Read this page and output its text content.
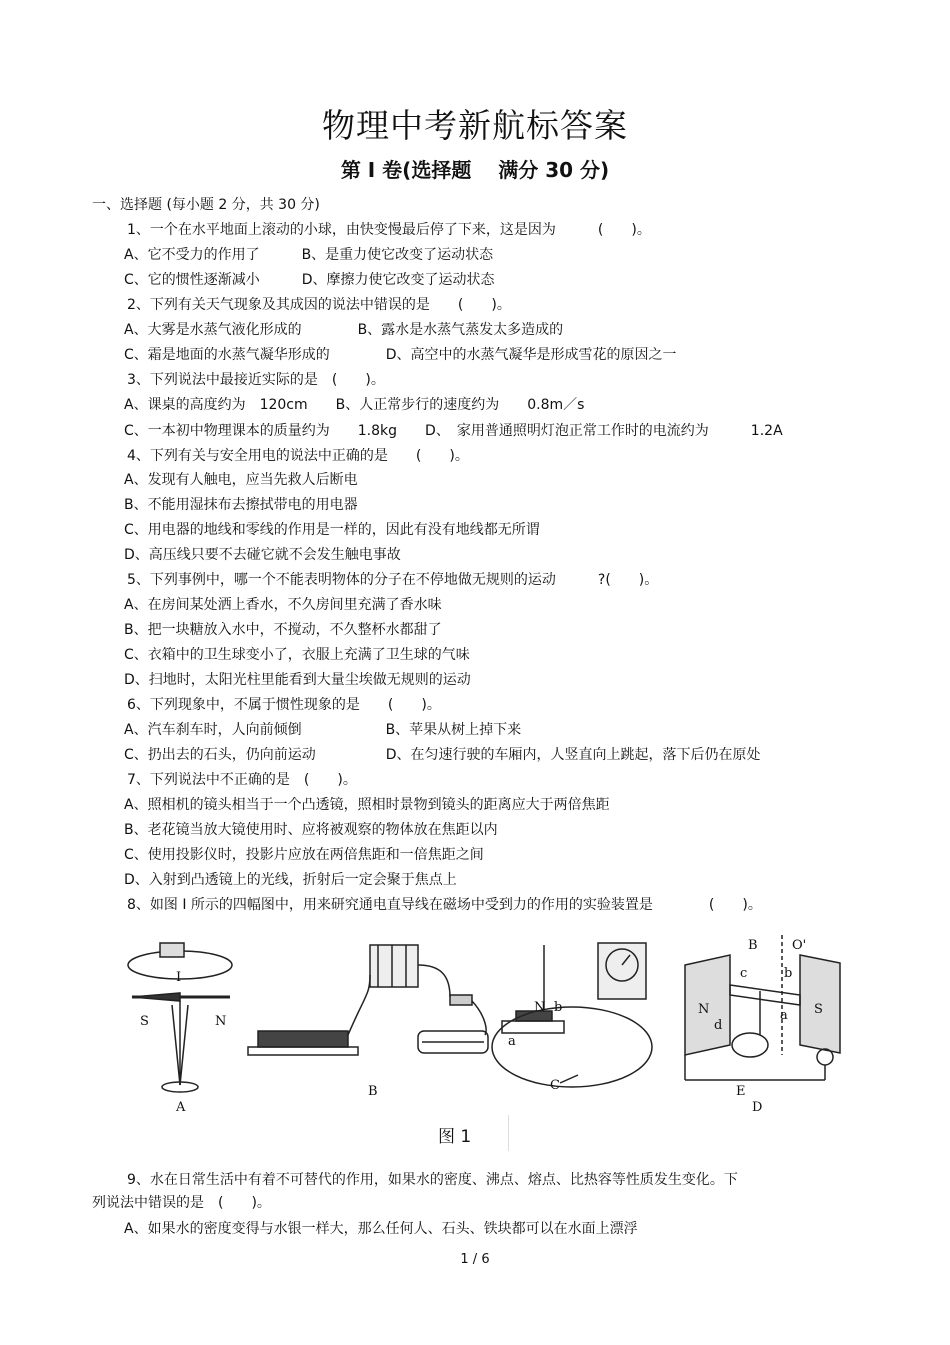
物理中考新航标答案
第 I 卷(选择题　 满分 30 分)
一、选择题 (每小题 2 分，共 30 分)
1、一个在水平地面上滚动的小球，由快变慢最后停了下来，这是因为　　　(　　)。
A、它不受力的作用了　　　B、是重力使它改变了运动状态
C、它的惯性逐渐减小　　　D、摩擦力使它改变了运动状态
2、下列有关天气现象及其成因的说法中错误的是　　(　　)。
A、大雾是水蒸气液化形成的　　　　B、露水是水蒸气蒸发太多造成的
C、霜是地面的水蒸气凝华形成的　　　　D、高空中的水蒸气凝华是形成雪花的原因之一
3、下列说法中最接近实际的是　(　　)。
A、课桌的高度约为　120cm　　B、人正常步行的速度约为　　0.8m／s
C、一本初中物理课本的质量约为　　1.8kg　　D、　家用普通照明灯泡正常工作时的电流约为　　　1.2A
4、下列有关与安全用电的说法中正确的是　　(　　)。
A、发现有人触电，应当先救人后断电
B、不能用湿抹布去擦拭带电的用电器
C、用电器的地线和零线的作用是一样的，因此有没有地线都无所谓
D、高压线只要不去碰它就不会发生触电事故
5、下列事例中，哪一个不能表明物体的分子在不停地做无规则的运动　　　?(　　)。
A、在房间某处洒上香水，不久房间里充满了香水味
B、把一块糖放入水中，不搅动，不久整杯水都甜了
C、衣箱中的卫生球变小了，衣服上充满了卫生球的气味
D、扫地时，太阳光柱里能看到大量尘埃做无规则的运动
6、下列现象中，不属于惯性现象的是　　(　　)。
A、汽车刹车时，人向前倾倒　　　　　　B、苹果从树上掉下来
C、扔出去的石头，仍向前运动　　　　　D、在匀速行驶的车厢内，人竖直向上跳起，落下后仍在原处
7、下列说法中不正确的是　(　　)。
A、照相机的镜头相当于一个凸透镜，照相时景物到镜头的距离应大于两倍焦距
B、老花镜当放大镜使用时、应将被观察的物体放在焦距以内
C、使用投影仪时，投影片应放在两倍焦距和一倍焦距之间
D、入射到凸透镜上的光线，折射后一定会聚于焦点上
8、如图 I 所示的四幅图中，用来研究通电直导线在磁场中受到力的作用的实验装置是　　　　(　　)。
S	N
I
N b
a
B	O'
c	b
N
d
a S
E
A
B	C
D
图 1
9、水在日常生活中有着不可替代的作用，如果水的密度、沸点、熔点、比热容等性质发生变化。下
列说法中错误的是　(　　)。
A、如果水的密度变得与水银一样大，那么任何人、石头、铁块都可以在水面上漂浮
1 / 6
